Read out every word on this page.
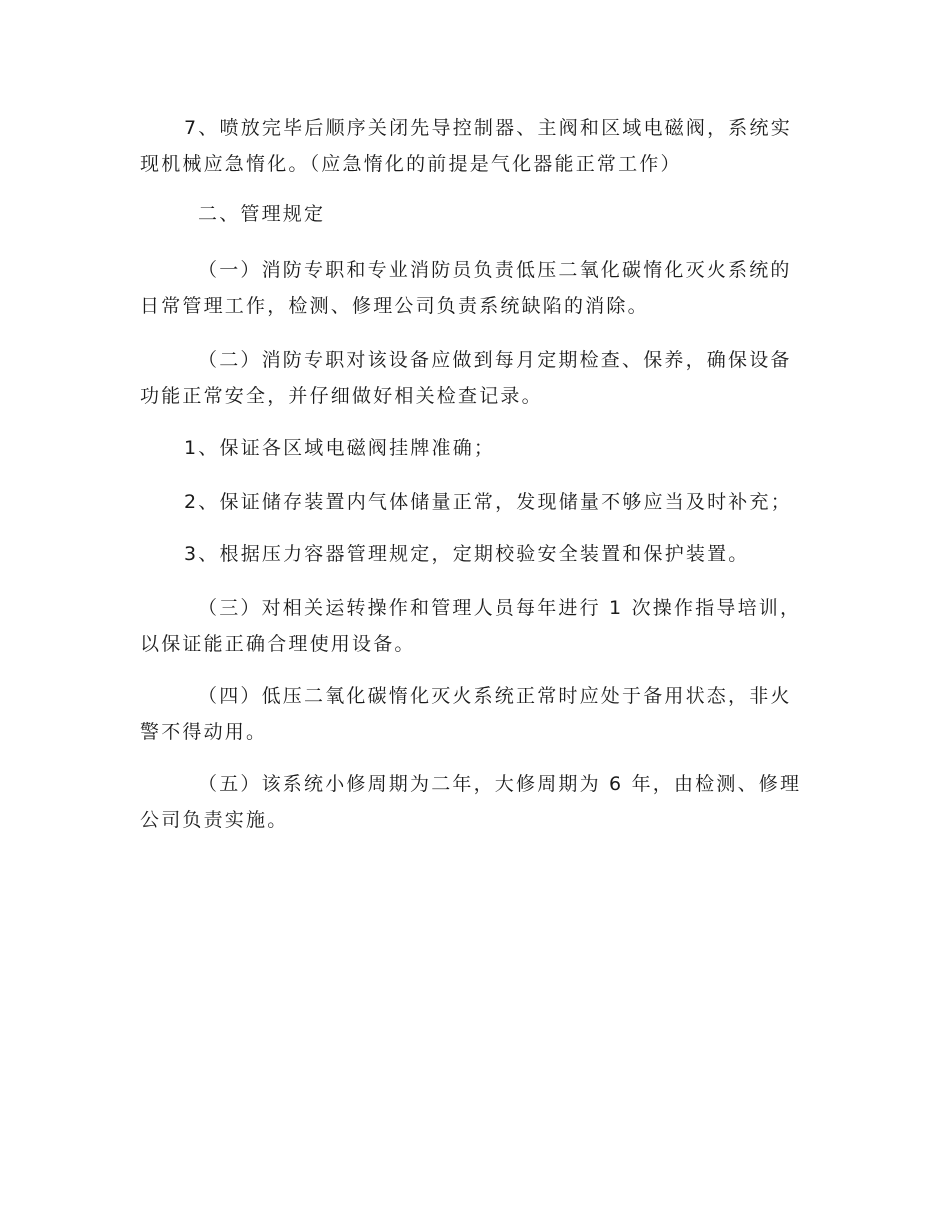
7、喷放完毕后顺序关闭先导控制器、主阀和区域电磁阀，系统实
现机械应急惰化。（应急惰化的前提是气化器能正常工作）

二、管理规定

（一）消防专职和专业消防员负责低压二氧化碳惰化灭火系统的
日常管理工作，检测、修理公司负责系统缺陷的消除。

（二）消防专职对该设备应做到每月定期检查、保养，确保设备
功能正常安全，并仔细做好相关检查记录。

1、保证各区域电磁阀挂牌准确；

2、保证储存装置内气体储量正常，发现储量不够应当及时补充；

3、根据压力容器管理规定，定期校验安全装置和保护装置。

（三）对相关运转操作和管理人员每年进行 1 次操作指导培训，
以保证能正确合理使用设备。

（四）低压二氧化碳惰化灭火系统正常时应处于备用状态，非火
警不得动用。

（五）该系统小修周期为二年，大修周期为 6 年，由检测、修理
公司负责实施。
